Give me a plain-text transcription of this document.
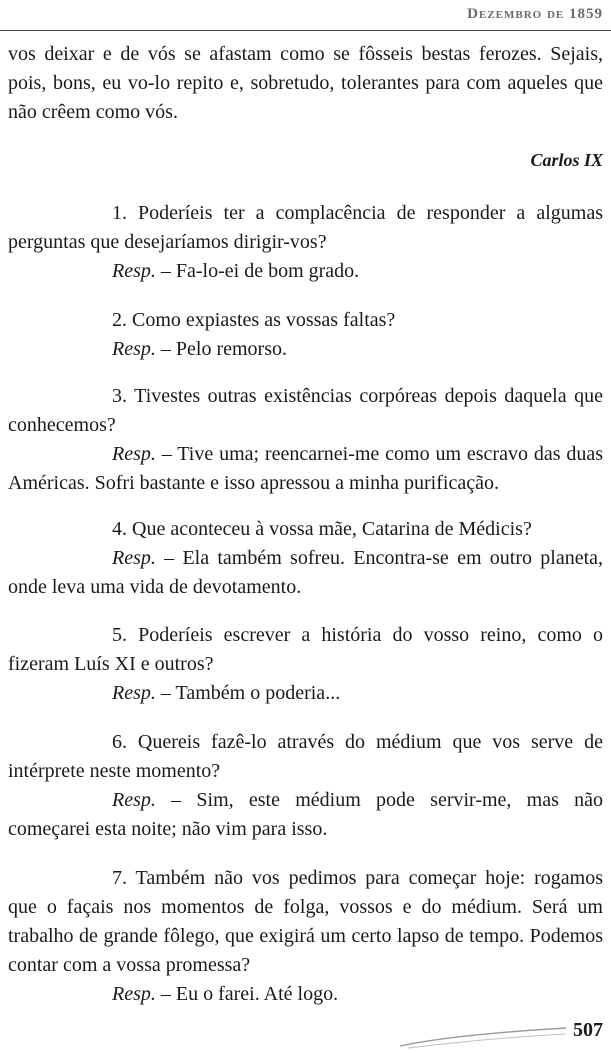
Dezembro de 1859

vos deixar e de vós se afastam como se fôsseis bestas ferozes. Sejais, pois, bons, eu vo-lo repito e, sobretudo, tolerantes para com aqueles que não crêem como vós.

Carlos IX

1. Poderíeis ter a complacência de responder a algumas perguntas que desejaríamos dirigir-vos?

Resp. – Fa-lo-ei de bom grado.

2. Como expiastes as vossas faltas?

Resp. – Pelo remorso.

3. Tivestes outras existências corpóreas depois daquela que conhecemos?

Resp. – Tive uma; reencarnei-me como um escravo das duas Américas. Sofri bastante e isso apressou a minha purificação.

4. Que aconteceu à vossa mãe, Catarina de Médicis?

Resp. – Ela também sofreu. Encontra-se em outro planeta, onde leva uma vida de devotamento.

5. Poderíeis escrever a história do vosso reino, como o fizeram Luís XI e outros?

Resp. – Também o poderia...

6. Quereis fazê-lo através do médium que vos serve de intérprete neste momento?

Resp. – Sim, este médium pode servir-me, mas não começarei esta noite; não vim para isso.

7. Também não vos pedimos para começar hoje: rogamos que o façais nos momentos de folga, vossos e do médium. Será um trabalho de grande fôlego, que exigirá um certo lapso de tempo. Podemos contar com a vossa promessa?

Resp. – Eu o farei. Até logo.

507
